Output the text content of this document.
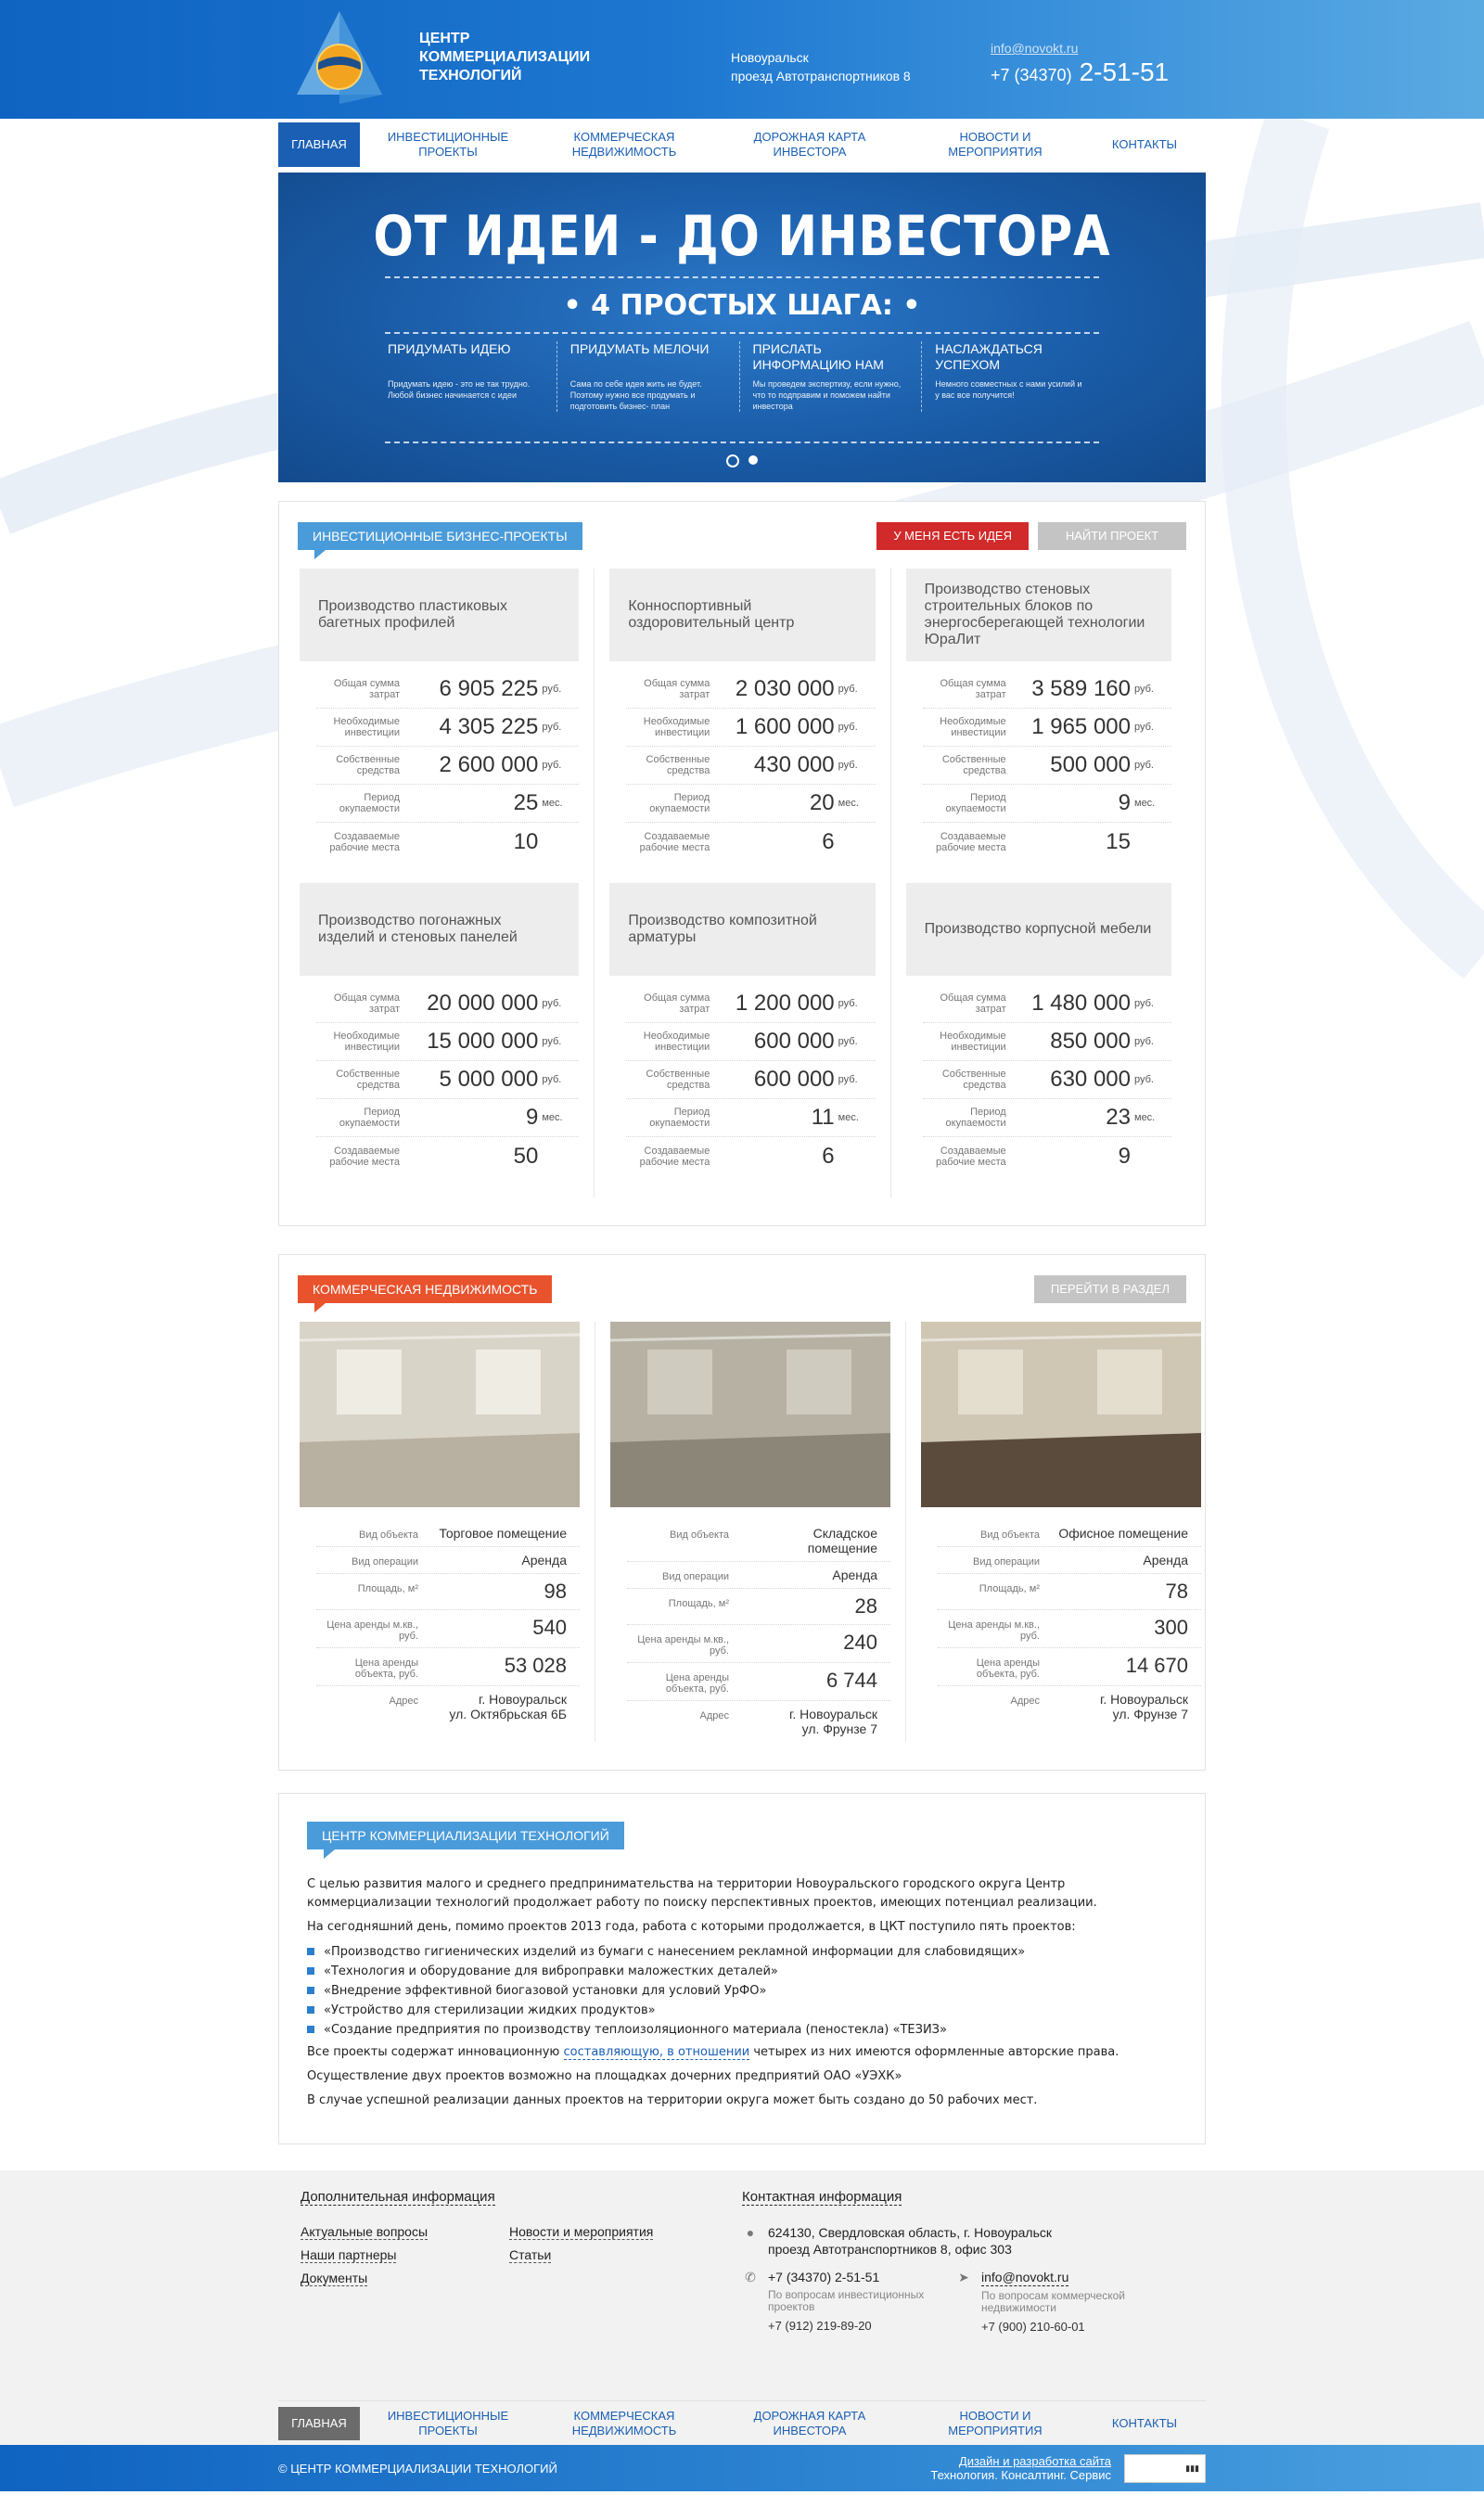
ЦЕНТР
КОММЕРЦИАЛИЗАЦИИ
ТЕХНОЛОГИЙ
Новоуральск
проезд Автотранспортников 8
info@novokt.ru
+7 (34370) 2-51-51
ГЛАВНАЯ
ИНВЕСТИЦИОННЫЕ
ПРОЕКТЫ
КОММЕРЧЕСКАЯ
НЕДВИЖИМОСТЬ
ДОРОЖНАЯ КАРТА
ИНВЕСТОРА
НОВОСТИ И
МЕРОПРИЯТИЯ
КОНТАКТЫ
ОТ ИДЕИ - ДО ИНВЕСТОРА
• 4 ПРОСТЫХ ШАГА: •
ПРИДУМАТЬ ИДЕЮ
Придумать идею - это не так трудно. Любой бизнес начинается с идеи
ПРИДУМАТЬ МЕЛОЧИ
Сама по себе идея жить не будет. Поэтому нужно все продумать и подготовить бизнес- план
ПРИСЛАТЬ ИНФОРМАЦИЮ НАМ
Мы проведем экспертизу, если нужно, что то подправим и поможем найти инвестора
НАСЛАЖДАТЬСЯ УСПЕХОМ
Немного совместных с нами усилий и у вас все получится!
ИНВЕСТИЦИОННЫЕ БИЗНЕС-ПРОЕКТЫ	У МЕНЯ ЕСТЬ ИДЕЯ	НАЙТИ ПРОЕКТ
Производство пластиковых багетных профилей
Общая сумма затрат	6 905 225 руб.
Необходимые инвестиции	4 305 225 руб.
Собственные средства	2 600 000 руб.
Период окупаемости	25 мес.
Создаваемые рабочие места	10
Конноспортивный оздоровительный центр
Общая сумма затрат	2 030 000 руб.
Необходимые инвестиции	1 600 000 руб.
Собственные средства	430 000 руб.
Период окупаемости	20 мес.
Создаваемые рабочие места	6
Производство стеновых строительных блоков по энергосберегающей технологии ЮраЛит
Общая сумма затрат	3 589 160 руб.
Необходимые инвестиции	1 965 000 руб.
Собственные средства	500 000 руб.
Период окупаемости	9 мес.
Создаваемые рабочие места	15
Производство погонажных изделий и стеновых панелей
Общая сумма затрат	20 000 000 руб.
Необходимые инвестиции	15 000 000 руб.
Собственные средства	5 000 000 руб.
Период окупаемости	9 мес.
Создаваемые рабочие места	50
Производство композитной арматуры
Общая сумма затрат	1 200 000 руб.
Необходимые инвестиции	600 000 руб.
Собственные средства	600 000 руб.
Период окупаемости	11 мес.
Создаваемые рабочие места	6
Производство корпусной мебели
Общая сумма затрат	1 480 000 руб.
Необходимые инвестиции	850 000 руб.
Собственные средства	630 000 руб.
Период окупаемости	23 мес.
Создаваемые рабочие места	9
КОММЕРЧЕСКАЯ НЕДВИЖИМОСТЬ	ПЕРЕЙТИ В РАЗДЕЛ
Вид объекта	Торговое помещение
Вид операции	Аренда
Площадь, м²	98
Цена аренды м.кв., руб.	540
Цена аренды объекта, руб.	53 028
Адрес	г. Новоуральск
ул. Октябрьская 6Б
Вид объекта	Складское помещение
Вид операции	Аренда
Площадь, м²	28
Цена аренды м.кв., руб.	240
Цена аренды объекта, руб.	6 744
Адрес	г. Новоуральск
ул. Фрунзе 7
Вид объекта	Офисное помещение
Вид операции	Аренда
Площадь, м²	78
Цена аренды м.кв., руб.	300
Цена аренды объекта, руб.	14 670
Адрес	г. Новоуральск
ул. Фрунзе 7
ЦЕНТР КОММЕРЦИАЛИЗАЦИИ ТЕХНОЛОГИЙ

С целью развития малого и среднего предпринимательства на территории Новоуральского городского округа Центр коммерциализации технологий продолжает работу по поиску перспективных проектов, имеющих потенциал реализации.

На сегодняшний день, помимо проектов 2013 года, работа с которыми продолжается, в ЦКТ поступило пять проектов:

«Производство гигиенических изделий из бумаги с нанесением рекламной информации для слабовидящих»
«Технология и оборудование для виброправки маложестких деталей»
«Внедрение эффективной биогазовой установки для условий УрФО»
«Устройство для стерилизации жидких продуктов»
«Создание предприятия по производству теплоизоляционного материала (пеностекла) «ТЕЗИЗ»

Все проекты содержат инновационную составляющую, в отношении четырех из них имеются оформленные авторские права.

Осуществление двух проектов возможно на площадках дочерних предприятий ОАО «УЭХК»

В случае успешной реализации данных проектов на территории округа может быть создано до 50 рабочих мест.

Дополнительная информация
Актуальные вопросы	Новости и мероприятия
Наши партнеры	Статьи
Документы
Контактная информация
●	624130, Свердловская область, г. Новоуральск
проезд Автотранспортников 8, офис 303
✆ +7 (34370) 2-51-51
По вопросам инвестиционных проектов
+7 (912) 219-89-20
➤ info@novokt.ru
По вопросам коммерческой недвижимости
+7 (900) 210-60-01
ГЛАВНАЯ
ИНВЕСТИЦИОННЫЕ
ПРОЕКТЫ
КОММЕРЧЕСКАЯ
НЕДВИЖИМОСТЬ
ДОРОЖНАЯ КАРТА
ИНВЕСТОРА
НОВОСТИ И
МЕРОПРИЯТИЯ
КОНТАКТЫ
© ЦЕНТР КОММЕРЦИАЛИЗАЦИИ ТЕХНОЛОГИЙ	Дизайн и разработка сайта
Технология. Консалтинг. Сервис
▮▮▮
